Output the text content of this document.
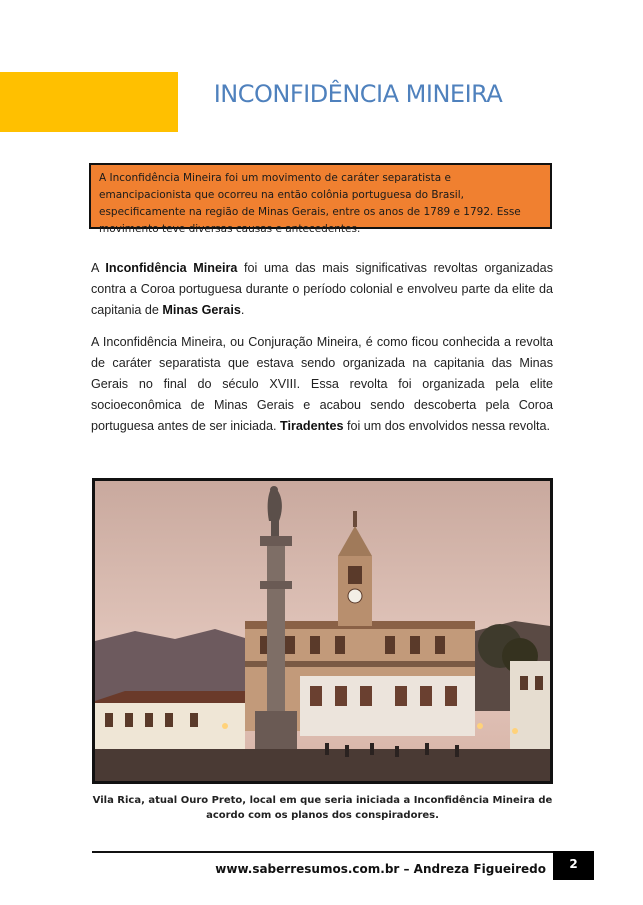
INCONFIDÊNCIA MINEIRA
A Inconfidência Mineira foi um movimento de caráter separatista e emancipacionista que ocorreu na então colônia portuguesa do Brasil, especificamente na região de Minas Gerais, entre os anos de 1789 e 1792. Esse movimento teve diversas causas e antecedentes.
A Inconfidência Mineira foi uma das mais significativas revoltas organizadas contra a Coroa portuguesa durante o período colonial e envolveu parte da elite da capitania de Minas Gerais.
A Inconfidência Mineira, ou Conjuração Mineira, é como ficou conhecida a revolta de caráter separatista que estava sendo organizada na capitania das Minas Gerais no final do século XVIII. Essa revolta foi organizada pela elite socioeconômica de Minas Gerais e acabou sendo descoberta pela Coroa portuguesa antes de ser iniciada. Tiradentes foi um dos envolvidos nessa revolta.
Vila Rica, atual Ouro Preto, local em que seria iniciada a Inconfidência Mineira de acordo com os planos dos conspiradores.
www.saberresumos.com.br – Andreza Figueiredo	2
